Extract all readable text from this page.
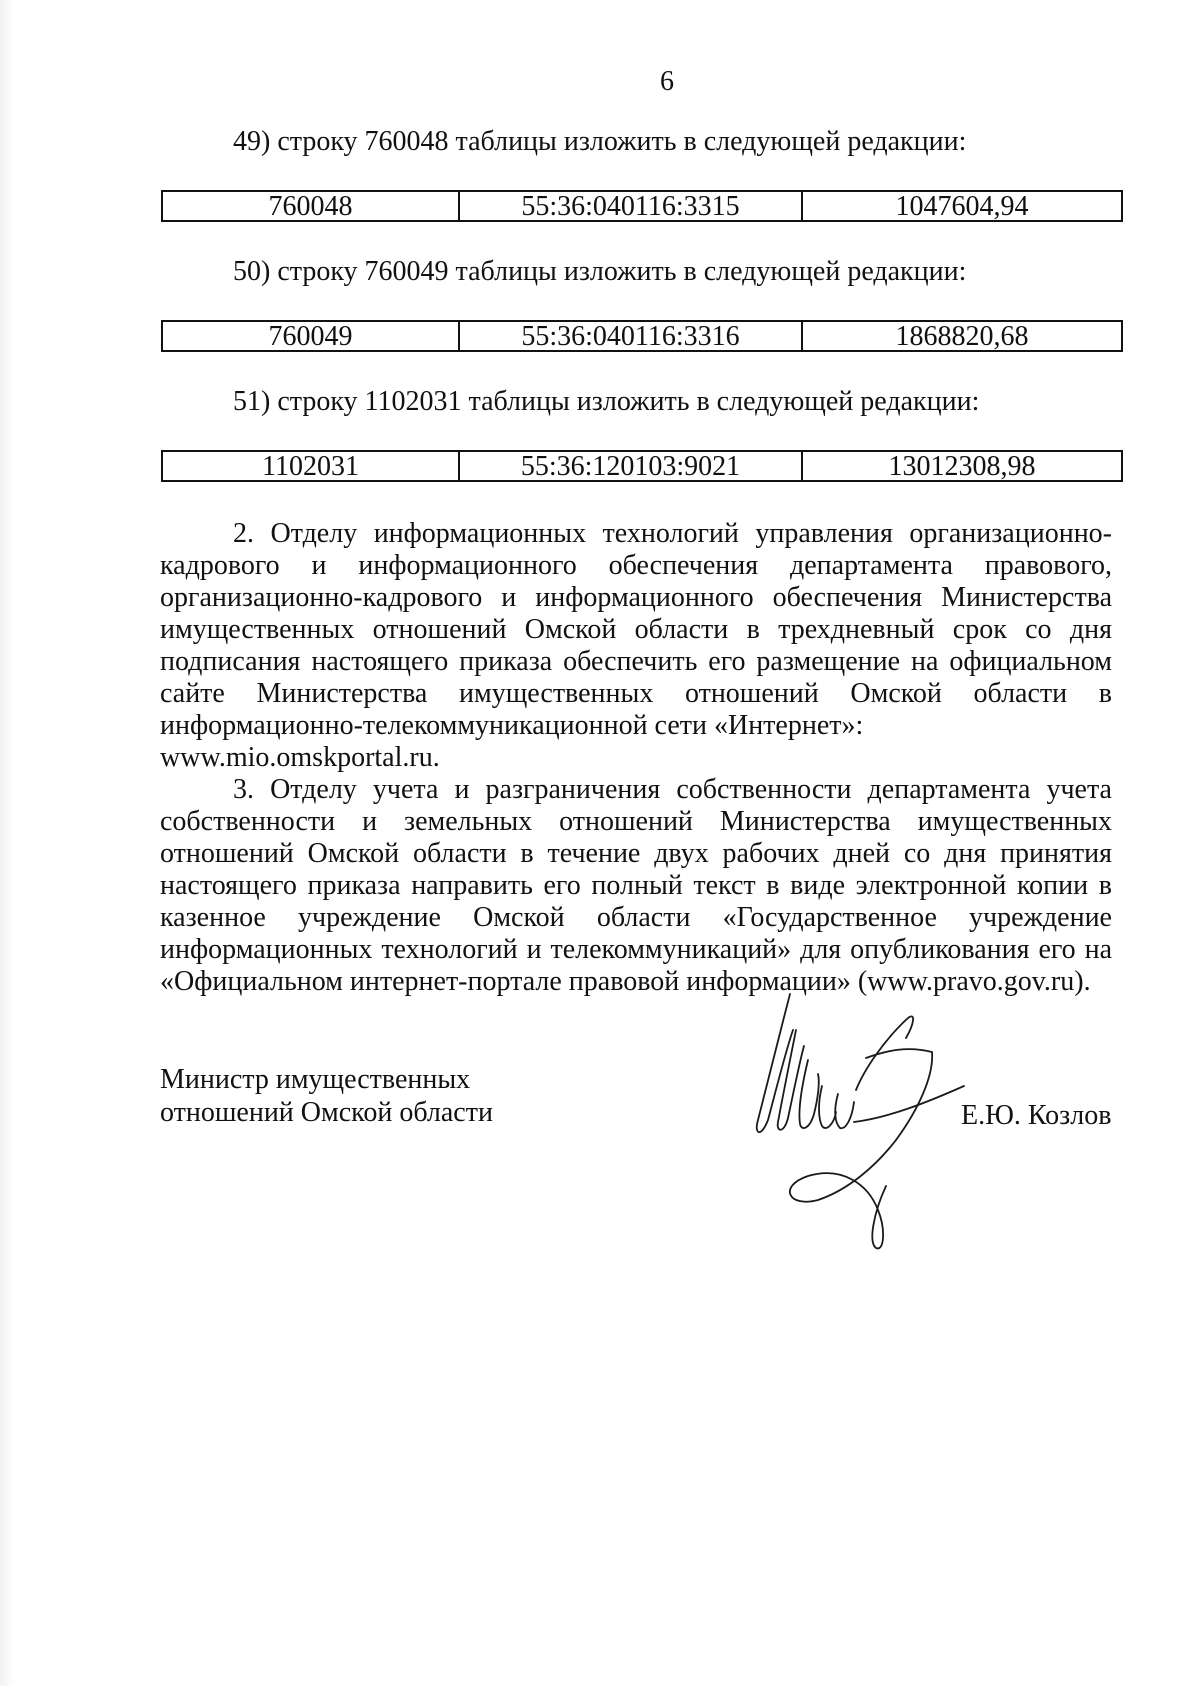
6
49) строку 760048 таблицы изложить в следующей редакции:
760048	55:36:040116:3315	1047604,94
50) строку 760049 таблицы изложить в следующей редакции:
760049	55:36:040116:3316	1868820,68
51) строку 1102031 таблицы изложить в следующей редакции:
1102031	55:36:120103:9021	13012308,98

2. Отделу информационных технологий управления организационно-кадрового и информационного обеспечения департамента правового, организационно-кадрового и информационного обеспечения Министерства имущественных отношений Омской области в трехдневный срок со дня подписания настоящего приказа обеспечить его размещение на официальном сайте Министерства имущественных отношений Омской области в информационно-телекоммуникационной сети «Интернет»:

www.mio.omskportal.ru.

3. Отделу учета и разграничения собственности департамента учета собственности и земельных отношений Министерства имущественных отношений Омской области в течение двух рабочих дней со дня принятия настоящего приказа направить его полный текст в виде электронной копии в казенное учреждение Омской области «Государственное учреждение информационных технологий и телекоммуникаций» для опубликования его на «Официальном интернет-портале правовой информации» (www.pravo.gov.ru).

Министр имущественных
отношений Омской области	Е.Ю. Козлов
